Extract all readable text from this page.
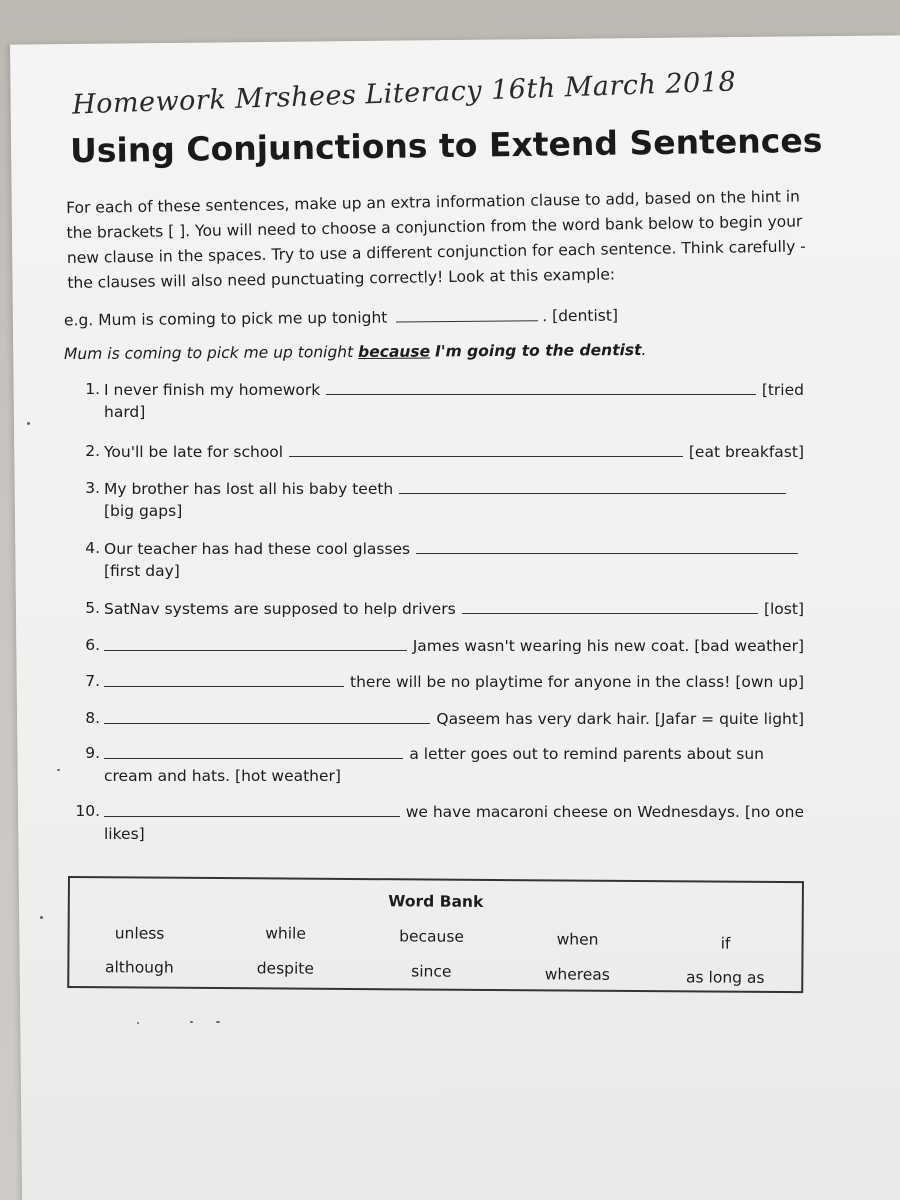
Homework Mrshees Literacy 16th March 2018
Using Conjunctions to Extend Sentences
For each of these sentences, make up an extra information clause to add, based on the hint in the brackets [ ]. You will need to choose a conjunction from the word bank below to begin your new clause in the spaces. Try to use a different conjunction for each sentence. Think carefully - the clauses will also need punctuating correctly! Look at this example:
e.g. Mum is coming to pick me up tonight	. [dentist]
Mum is coming to pick me up tonight because I'm going to the dentist.
1. I never finish my homework	[tried
hard]
2. You'll be late for school	[eat breakfast]
3. My brother has lost all his baby teeth
[big gaps]
4. Our teacher has had these cool glasses
[first day]
5. SatNav systems are supposed to help drivers	[lost]
6.	James wasn't wearing his new coat. [bad weather]
7.	there will be no playtime for anyone in the class! [own up]
8.	Qaseem has very dark hair. [Jafar = quite light]
9.	a letter goes out to remind parents about sun
cream and hats. [hot weather]
10.	we have macaroni cheese on Wednesdays. [no one
likes]
Word Bank
unless	while	because	when	if
although	despite	since	whereas	as long as
